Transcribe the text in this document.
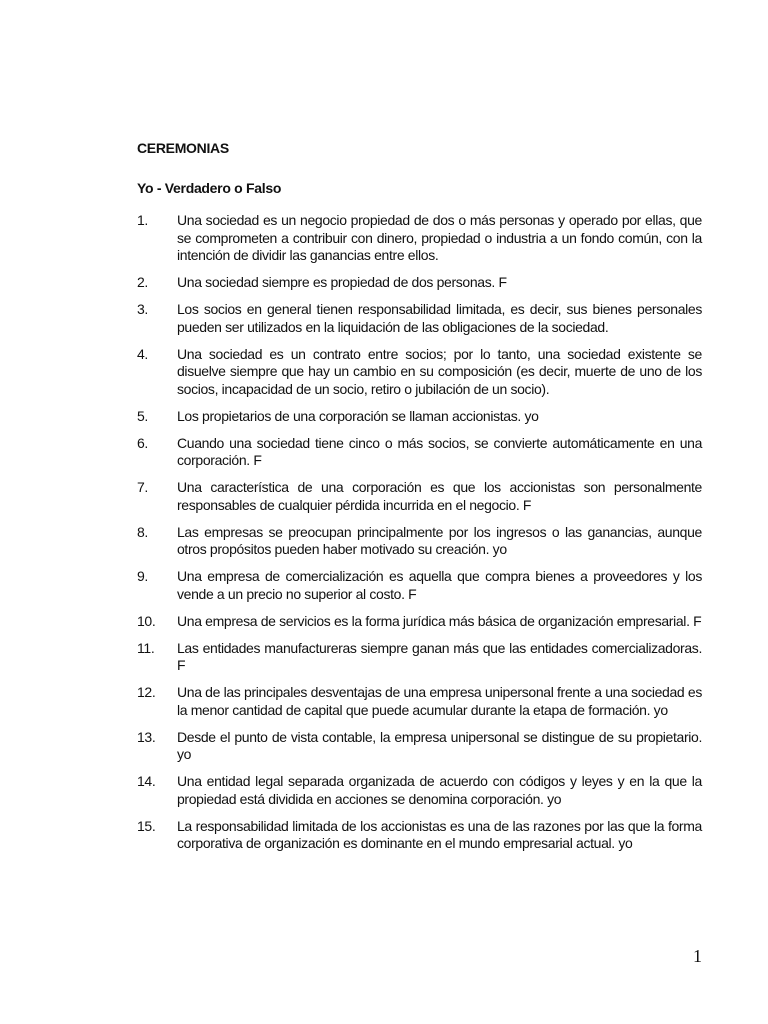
CEREMONIAS
Yo - Verdadero o Falso
1. Una sociedad es un negocio propiedad de dos o más personas y operado por ellas, que se comprometen a contribuir con dinero, propiedad o industria a un fondo común, con la intención de dividir las ganancias entre ellos.
2. Una sociedad siempre es propiedad de dos personas. F
3. Los socios en general tienen responsabilidad limitada, es decir, sus bienes personales pueden ser utilizados en la liquidación de las obligaciones de la sociedad.
4. Una sociedad es un contrato entre socios; por lo tanto, una sociedad existente se disuelve siempre que hay un cambio en su composición (es decir, muerte de uno de los socios, incapacidad de un socio, retiro o jubilación de un socio).
5. Los propietarios de una corporación se llaman accionistas. yo
6. Cuando una sociedad tiene cinco o más socios, se convierte automáticamente en una corporación. F
7. Una característica de una corporación es que los accionistas son personalmente responsables de cualquier pérdida incurrida en el negocio. F
8. Las empresas se preocupan principalmente por los ingresos o las ganancias, aunque otros propósitos pueden haber motivado su creación. yo
9. Una empresa de comercialización es aquella que compra bienes a proveedores y los vende a un precio no superior al costo. F
10. Una empresa de servicios es la forma jurídica más básica de organización empresarial. F
11. Las entidades manufactureras siempre ganan más que las entidades comercializadoras. F
12. Una de las principales desventajas de una empresa unipersonal frente a una sociedad es la menor cantidad de capital que puede acumular durante la etapa de formación. yo
13. Desde el punto de vista contable, la empresa unipersonal se distingue de su propietario. yo
14. Una entidad legal separada organizada de acuerdo con códigos y leyes y en la que la propiedad está dividida en acciones se denomina corporación. yo
15. La responsabilidad limitada de los accionistas es una de las razones por las que la forma corporativa de organización es dominante en el mundo empresarial actual. yo
1
